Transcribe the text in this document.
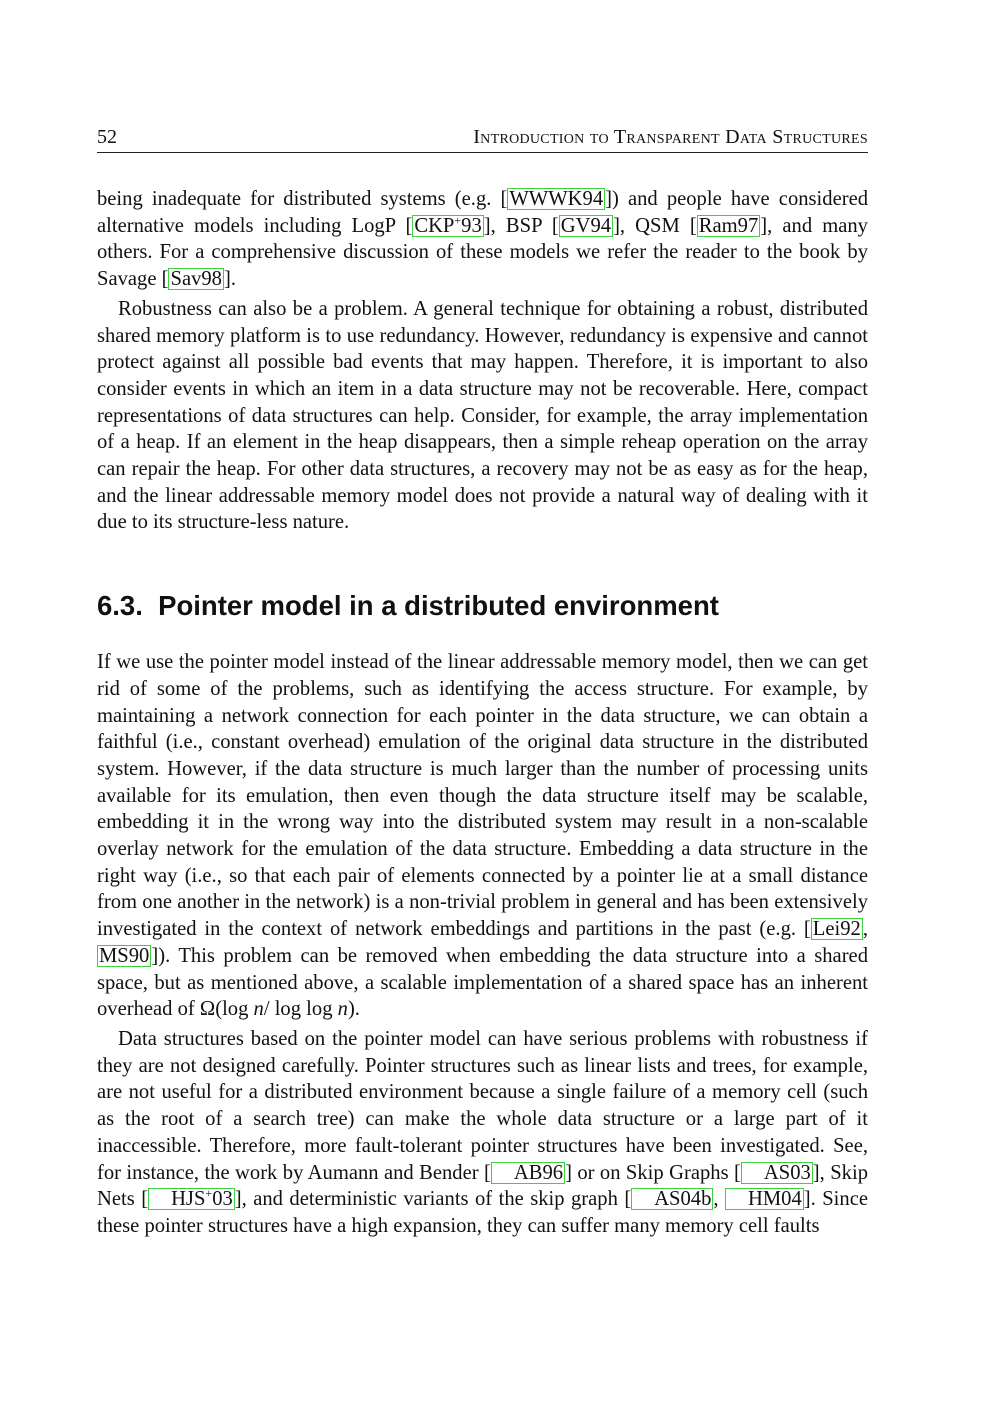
52	Introduction to Transparent Data Structures

being inadequate for distributed systems (e.g. [WWWK94]) and people have considered alternative models including LogP [CKP+93], BSP [GV94], QSM [Ram97], and many others. For a comprehensive discussion of these models we refer the reader to the book by Savage [Sav98].

Robustness can also be a problem. A general technique for obtaining a robust, distributed shared memory platform is to use redundancy. However, redundancy is expensive and cannot protect against all possible bad events that may happen. Therefore, it is important to also consider events in which an item in a data structure may not be recoverable. Here, compact representations of data structures can help. Consider, for example, the array implementation of a heap. If an element in the heap disappears, then a simple reheap operation on the array can repair the heap. For other data structures, a recovery may not be as easy as for the heap, and the linear addressable memory model does not provide a natural way of dealing with it due to its structure-less nature.

6.3. Pointer model in a distributed environment

If we use the pointer model instead of the linear addressable memory model, then we can get rid of some of the problems, such as identifying the access structure. For example, by maintaining a network connection for each pointer in the data structure, we can obtain a faithful (i.e., constant overhead) emulation of the original data structure in the distributed system. However, if the data structure is much larger than the number of processing units available for its emulation, then even though the data structure itself may be scalable, embedding it in the wrong way into the distributed system may result in a non-scalable overlay network for the emulation of the data structure. Embedding a data structure in the right way (i.e., so that each pair of elements connected by a pointer lie at a small distance from one another in the network) is a non-trivial problem in general and has been extensively investigated in the context of network embeddings and partitions in the past (e.g. [Lei92, MS90]). This problem can be removed when embedding the data structure into a shared space, but as mentioned above, a scalable implementation of a shared space has an inherent overhead of Ω(log n/ log log n).

Data structures based on the pointer model can have serious problems with robustness if they are not designed carefully. Pointer structures such as linear lists and trees, for example, are not useful for a distributed environment because a single failure of a memory cell (such as the root of a search tree) can make the whole data structure or a large part of it inaccessible. Therefore, more fault-tolerant pointer structures have been investigated. See, for instance, the work by Aumann and Bender [ AB96] or on Skip Graphs [ AS03], Skip Nets [ HJS+03], and deterministic variants of the skip graph [ AS04b, HM04]. Since these pointer structures have a high expansion, they can suffer many memory cell faults
